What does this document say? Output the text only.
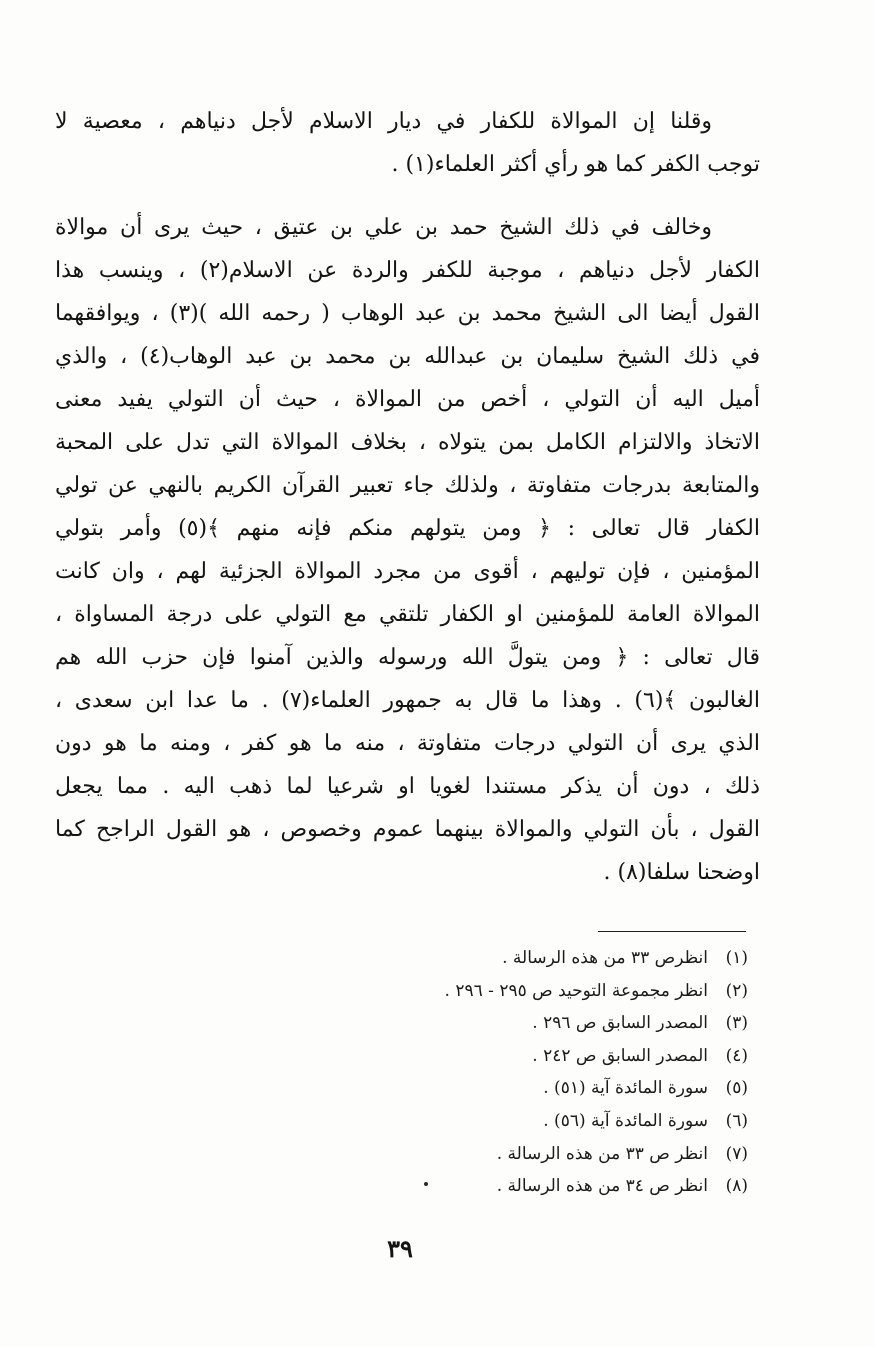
وقلنا إن الموالاة للكفار في ديار الاسلام لأجل دنياهم ، معصية لا
توجب الكفر كما هو رأي أكثر العلماء(١) .
وخالف في ذلك الشيخ حمد بن علي بن عتيق ، حيث يرى أن موالاة
الكفار لأجل دنياهم ، موجبة للكفر والردة عن الاسلام(٢) ، وينسب هذا
القول أيضا الى الشيخ محمد بن عبد الوهاب ( رحمه الله )(٣) ، ويوافقهما
في ذلك الشيخ سليمان بن عبدالله بن محمد بن عبد الوهاب(٤) ، والذي
أميل اليه أن التولي ، أخص من الموالاة ، حيث أن التولي يفيد معنى
الاتخاذ والالتزام الكامل بمن يتولاه ، بخلاف الموالاة التي تدل على المحبة
والمتابعة بدرجات متفاوتة ، ولذلك جاء تعبير القرآن الكريم بالنهي عن تولي
الكفار قال تعالى : ﴿ ومن يتولهم منكم فإنه منهم ﴾(٥) وأمر بتولي
المؤمنين ، فإن توليهم ، أقوى من مجرد الموالاة الجزئية لهم ، وان كانت
الموالاة العامة للمؤمنين او الكفار تلتقي مع التولي على درجة المساواة ،
قال تعالى : ﴿ ومن يتولَّ الله ورسوله والذين آمنوا فإن حزب الله هم
الغالبون ﴾(٦) . وهذا ما قال به جمهور العلماء(٧) . ما عدا ابن سعدى ،
الذي يرى أن التولي درجات متفاوتة ، منه ما هو كفر ، ومنه ما هو دون
ذلك ، دون أن يذكر مستندا لغويا او شرعيا لما ذهب اليه . مما يجعل
القول ، بأن التولي والموالاة بينهما عموم وخصوص ، هو القول الراجح كما
اوضحنا سلفا(٨) .
(١)انظرص ٣٣ من هذه الرسالة .
(٢)انظر مجموعة التوحيد ص ٢٩٥ - ٢٩٦ .
(٣)المصدر السابق ص ٢٩٦ .
(٤)المصدر السابق ص ٢٤٢ .
(٥)سورة المائدة آية (٥١) .
(٦)سورة المائدة آية (٥٦) .
(٧)انظر ص ٣٣ من هذه الرسالة .
(٨)انظر ص ٣٤ من هذه الرسالة .
٣٩
